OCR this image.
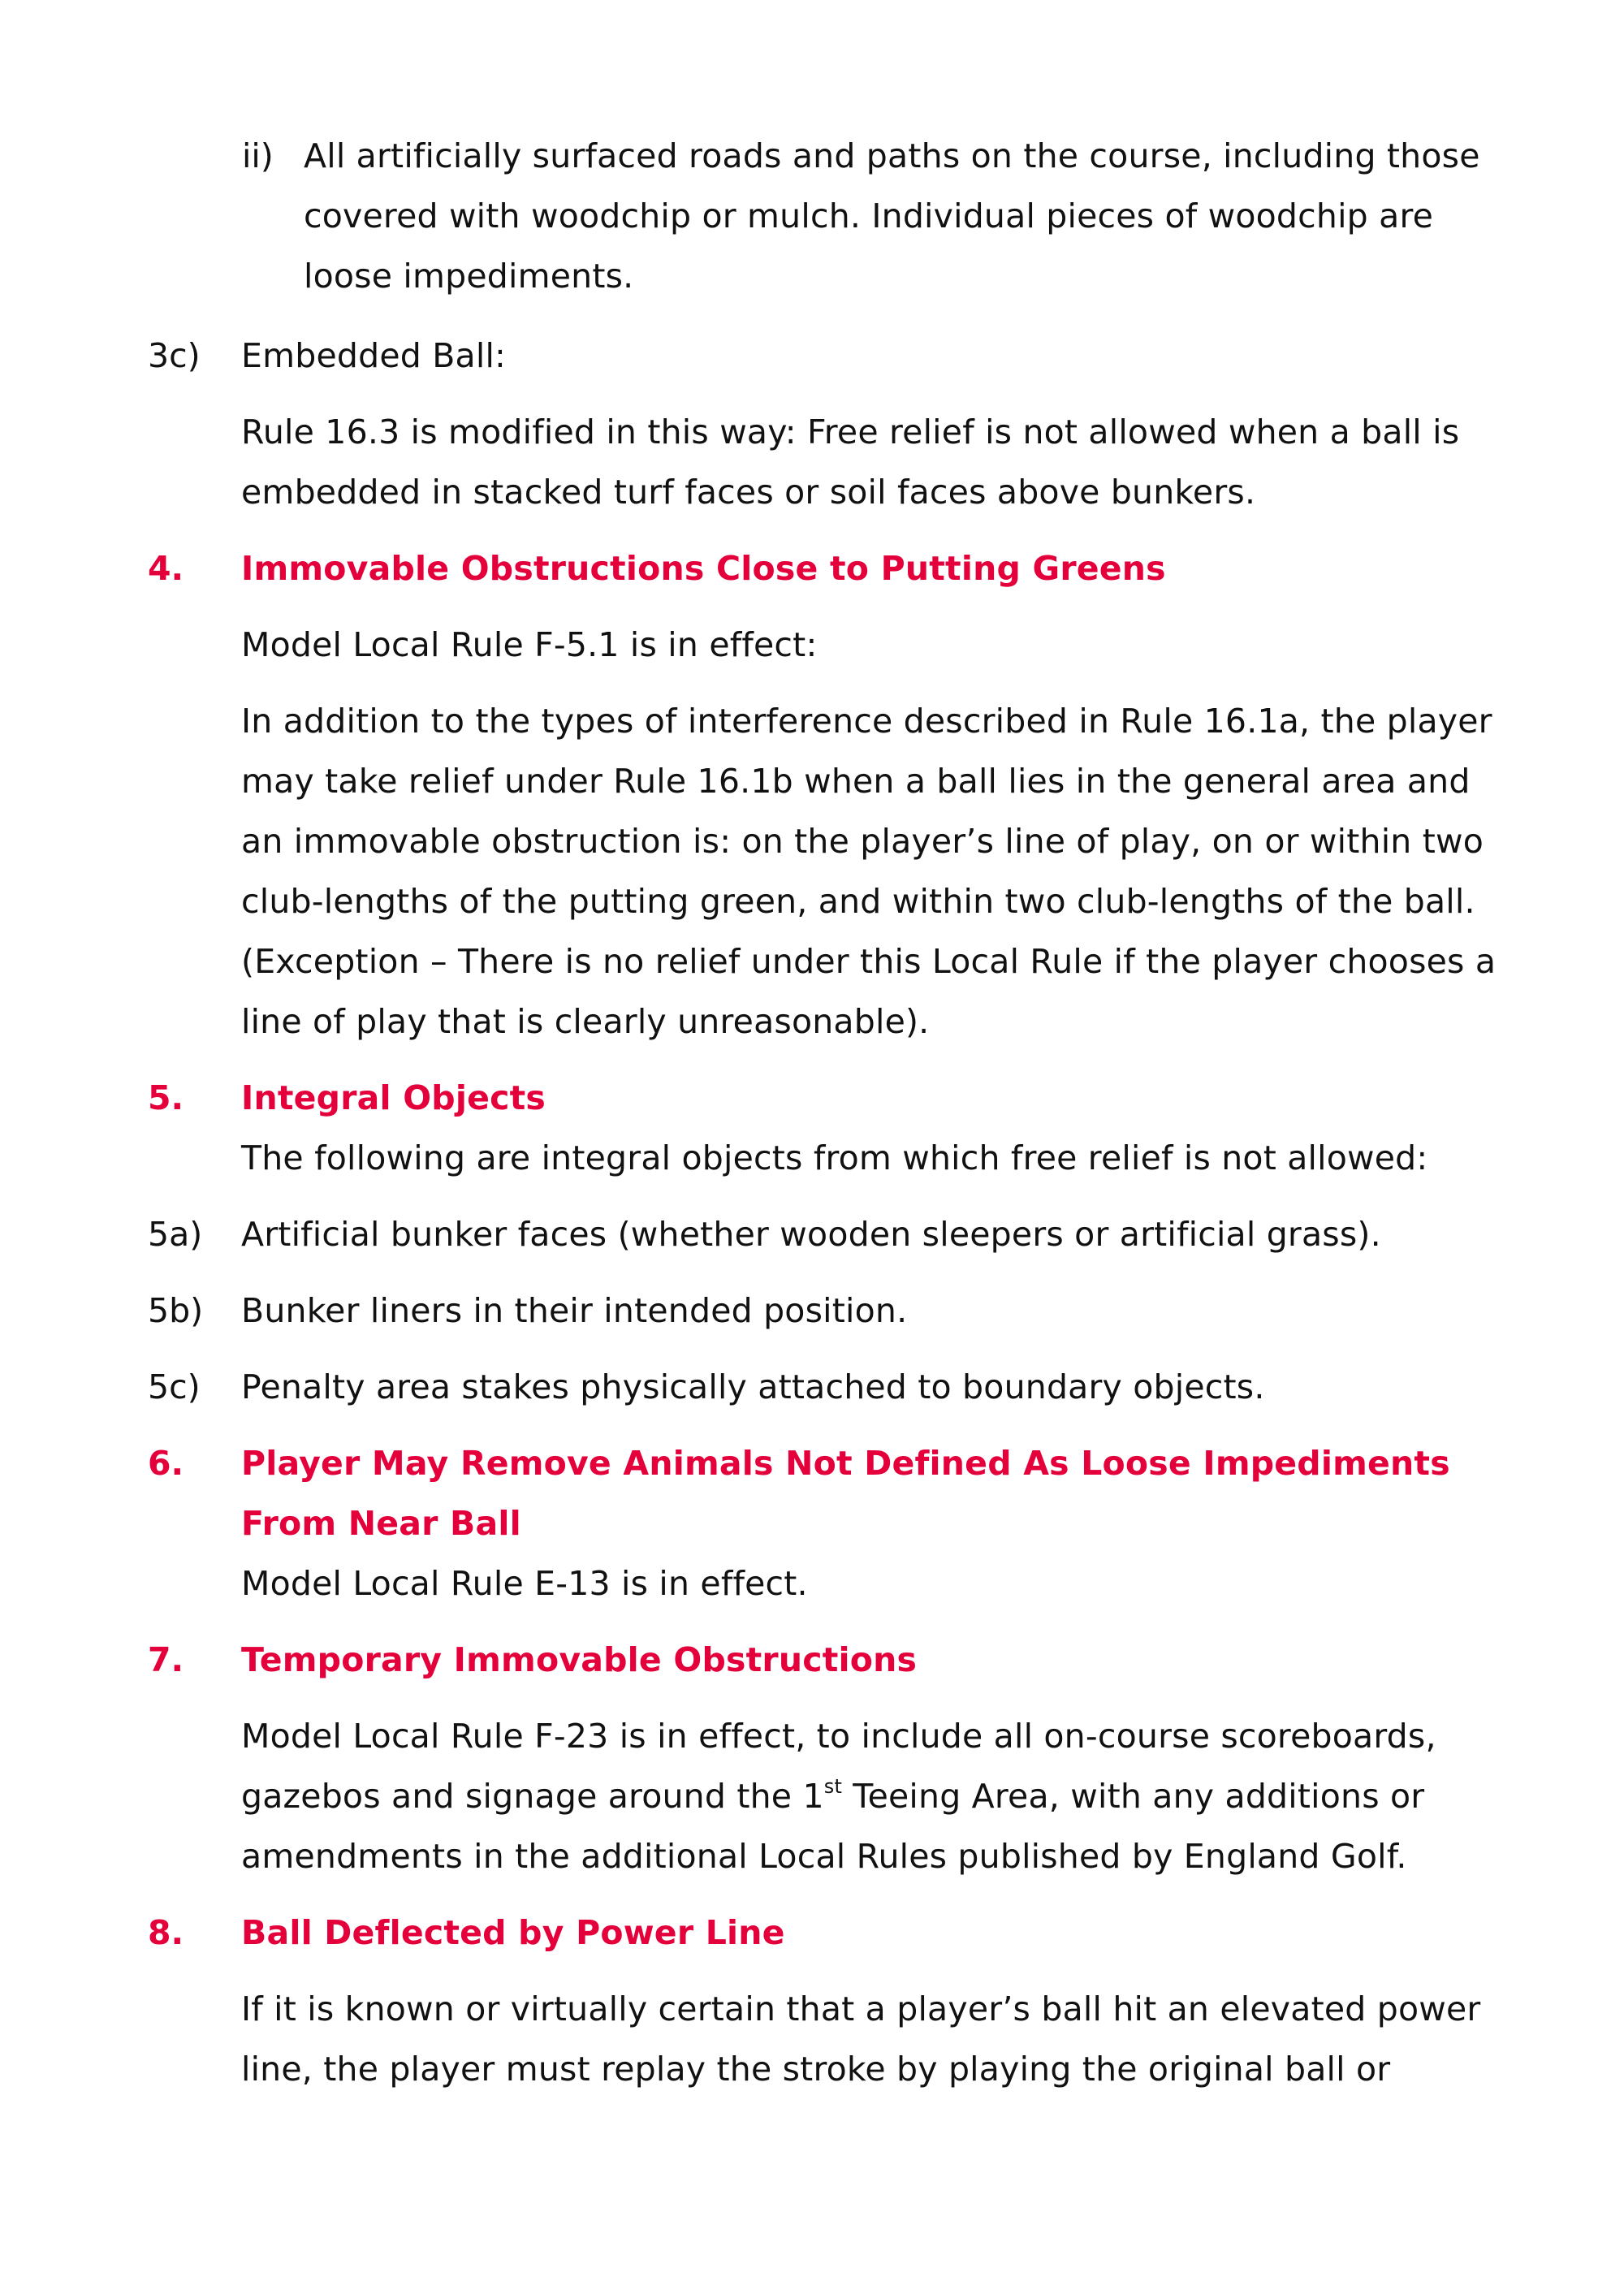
ii) All artificially surfaced roads and paths on the course, including those
covered with woodchip or mulch. Individual pieces of woodchip are
loose impediments.
3c) Embedded Ball:
Rule 16.3 is modified in this way: Free relief is not allowed when a ball is
embedded in stacked turf faces or soil faces above bunkers.
4. Immovable Obstructions Close to Putting Greens
Model Local Rule F-5.1 is in effect:
In addition to the types of interference described in Rule 16.1a, the player
may take relief under Rule 16.1b when a ball lies in the general area and
an immovable obstruction is: on the player’s line of play, on or within two
club-lengths of the putting green, and within two club-lengths of the ball.
(Exception – There is no relief under this Local Rule if the player chooses a
line of play that is clearly unreasonable).
5. Integral Objects
The following are integral objects from which free relief is not allowed:
5a) Artificial bunker faces (whether wooden sleepers or artificial grass).
5b) Bunker liners in their intended position.
5c) Penalty area stakes physically attached to boundary objects.
6. Player May Remove Animals Not Defined As Loose Impediments
From Near Ball
Model Local Rule E-13 is in effect.
7. Temporary Immovable Obstructions
Model Local Rule F-23 is in effect, to include all on-course scoreboards,
gazebos and signage around the 1st Teeing Area, with any additions or
amendments in the additional Local Rules published by England Golf.
8. Ball Deflected by Power Line
If it is known or virtually certain that a player’s ball hit an elevated power
line, the player must replay the stroke by playing the original ball or
